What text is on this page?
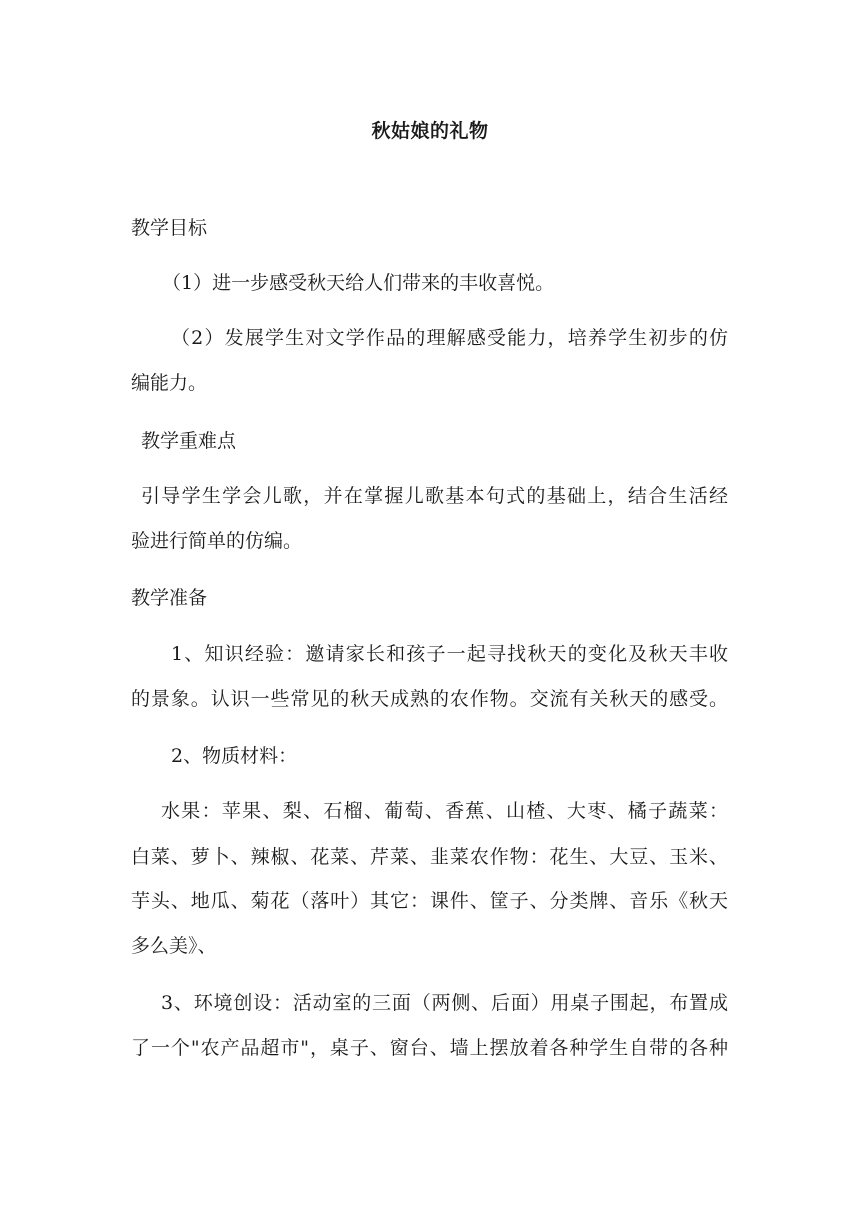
秋姑娘的礼物
教学目标
（1）进一步感受秋天给人们带来的丰收喜悦。
（2）发展学生对文学作品的理解感受能力，培养学生初步的仿
编能力。
教学重难点
引导学生学会儿歌，并在掌握儿歌基本句式的基础上，结合生活经
验进行简单的仿编。
教学准备
1、知识经验：邀请家长和孩子一起寻找秋天的变化及秋天丰收
的景象。认识一些常见的秋天成熟的农作物。交流有关秋天的感受。
2、物质材料：
水果：苹果、梨、石榴、葡萄、香蕉、山楂、大枣、橘子蔬菜：
白菜、萝卜、辣椒、花菜、芹菜、韭菜农作物：花生、大豆、玉米、
芋头、地瓜、菊花（落叶）其它：课件、筐子、分类牌、音乐《秋天
多么美》、
3、环境创设：活动室的三面（两侧、后面）用桌子围起，布置成
了一个"农产品超市"，桌子、窗台、墙上摆放着各种学生自带的各种
